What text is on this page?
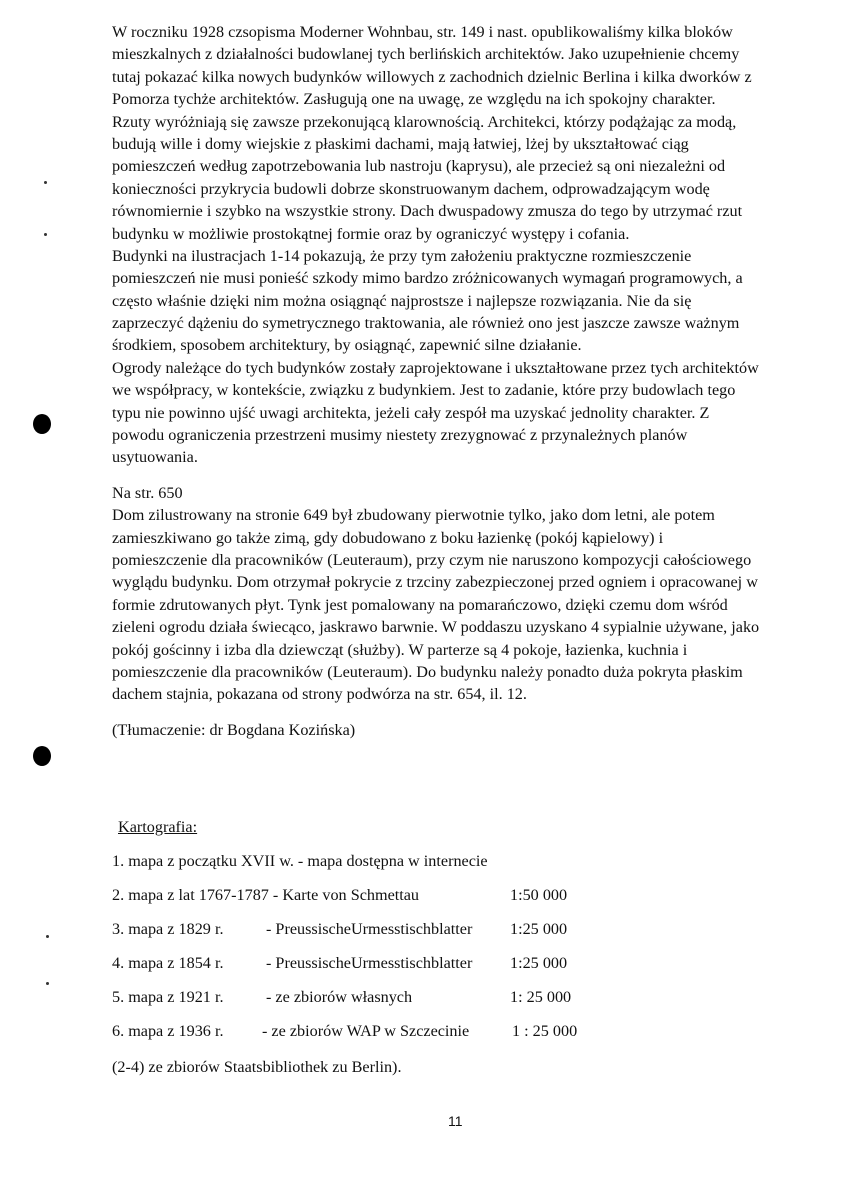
W roczniku 1928 czsopisma Moderner Wohnbau, str. 149 i nast. opublikowaliśmy kilka bloków
mieszkalnych z działalności budowlanej tych berlińskich architektów. Jako uzupełnienie chcemy
tutaj pokazać kilka nowych budynków willowych z zachodnich dzielnic Berlina i kilka dworków z
Pomorza tychże architektów. Zasługują one na uwagę, ze względu na ich spokojny charakter.
Rzuty wyróżniają się zawsze przekonującą klarownością. Architekci, którzy podążając za modą,
budują wille i domy wiejskie z płaskimi dachami, mają łatwiej, lżej by ukształtować ciąg
pomieszczeń według zapotrzebowania lub nastroju (kaprysu), ale przecież są oni niezależni od
konieczności przykrycia budowli dobrze skonstruowanym dachem, odprowadzającym wodę
równomiernie i szybko na wszystkie strony. Dach dwuspadowy zmusza do tego by utrzymać rzut
budynku w możliwie prostokątnej formie oraz by ograniczyć występy i cofania.
Budynki na ilustracjach 1-14 pokazują, że przy tym założeniu praktyczne rozmieszczenie
pomieszczeń nie musi ponieść szkody mimo bardzo zróżnicowanych wymagań programowych, a
często właśnie dzięki nim można osiągnąć najprostsze i najlepsze rozwiązania. Nie da się
zaprzeczyć dążeniu do symetrycznego traktowania, ale również ono jest jaszcze zawsze ważnym
środkiem, sposobem architektury, by osiągnąć, zapewnić silne działanie.
Ogrody należące do tych budynków zostały zaprojektowane i ukształtowane przez tych architektów
we współpracy, w kontekście, związku z budynkiem. Jest to zadanie, które przy budowlach tego
typu nie powinno ujść uwagi architekta, jeżeli cały zespół ma uzyskać jednolity charakter. Z
powodu ograniczenia przestrzeni musimy niestety zrezygnować z przynależnych planów
usytuowania.
Na str. 650
Dom zilustrowany na stronie 649 był zbudowany pierwotnie tylko, jako dom letni, ale potem
zamieszkiwano go także zimą, gdy dobudowano z boku łazienkę (pokój kąpielowy) i
pomieszczenie dla pracowników (Leuteraum), przy czym nie naruszono kompozycji całościowego
wyglądu budynku. Dom otrzymał pokrycie z trzciny zabezpieczonej przed ogniem i opracowanej w
formie zdrutowanych płyt. Tynk jest pomalowany na pomarańczowo, dzięki czemu dom wśród
zieleni ogrodu działa świecąco, jaskrawo barwnie. W poddaszu uzyskano 4 sypialnie używane, jako
pokój gościnny i izba dla dziewcząt (służby). W parterze są 4 pokoje, łazienka, kuchnia i
pomieszczenie dla pracowników (Leuteraum). Do budynku należy ponadto duża pokryta płaskim
dachem stajnia, pokazana od strony podwórza na str. 654, il. 12.
(Tłumaczenie: dr Bogdana Kozińska)
Kartografia:
1. mapa z początku XVII w. - mapa dostępna w internecie
2. mapa z lat 1767-1787 - Karte von Schmettau	1:50 000
3. mapa z 1829 r.	- PreussischeUrmesstischblatter 1:25 000
4. mapa z 1854 r.	- PreussischeUrmesstischblatter 1:25 000
5. mapa z 1921 r.	- ze zbiorów własnych	1: 25 000
6. mapa z 1936 r. - ze zbiorów WAP w Szczecinie	1 : 25 000
(2-4) ze zbiorów Staatsbibliothek zu Berlin).
11
